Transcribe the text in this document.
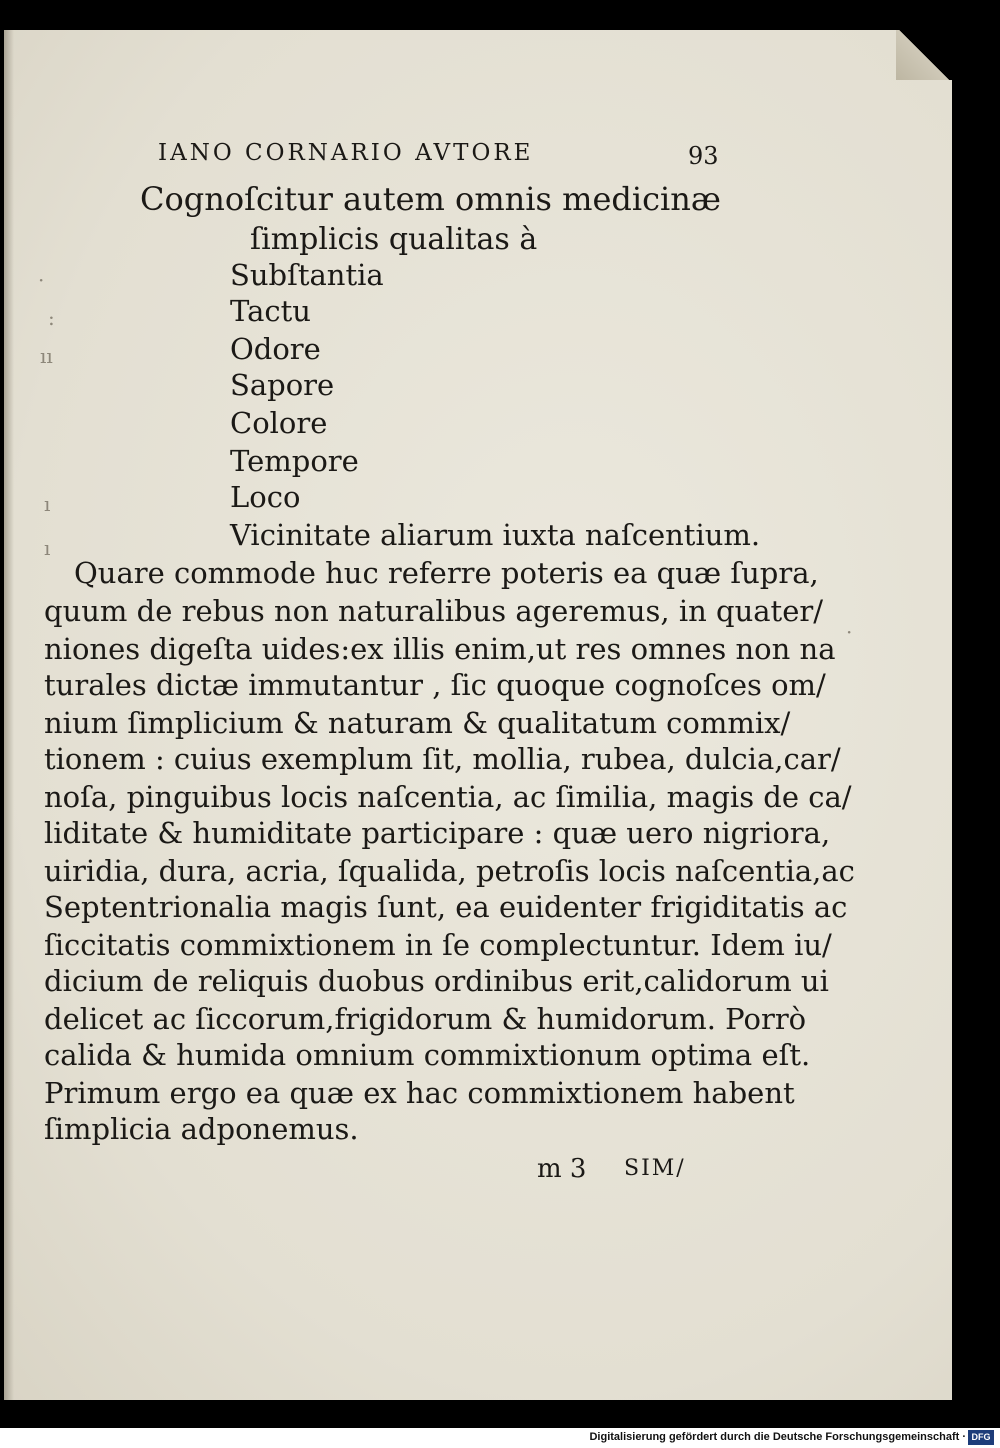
·
:
ıı
ı
ı
·
IANO CORNARIO AVTORE	93
Cognoſcitur autem omnis medicinæ
ſimplicis qualitas à
Subſtantia
Tactu
Odore
Sapore
Colore
Tempore
Loco
Vicinitate aliarum iuxta naſcentium.
Quare commode huc referre poteris ea quæ ſupra,
quum de rebus non naturalibus ageremus, in quater/
niones digeſta uides:ex illis enim,ut res omnes non na
turales dictæ immutantur , ſic quoque cognoſces om/
nium ſimplicium & naturam & qualitatum commix/
tionem : cuius exemplum ſit, mollia, rubea, dulcia,car/
noſa, pinguibus locis naſcentia, ac ſimilia, magis de ca/
liditate & humiditate participare : quæ uero nigriora,
uiridia, dura, acria, ſqualida, petroſis locis naſcentia,ac
Septentrionalia magis ſunt, ea euidenter frigiditatis ac
ſiccitatis commixtionem in ſe complectuntur. Idem iu/
dicium de reliquis duobus ordinibus erit,calidorum ui
delicet ac ſiccorum,frigidorum & humidorum. Porrò
calida & humida omnium commixtionum optima eſt.
Primum ergo ea quæ ex hac commixtionem habent
ſimplicia adponemus.
m 3 SIM/
Digitalisierung gefördert durch die Deutsche Forschungsgemeinschaft · DFG
